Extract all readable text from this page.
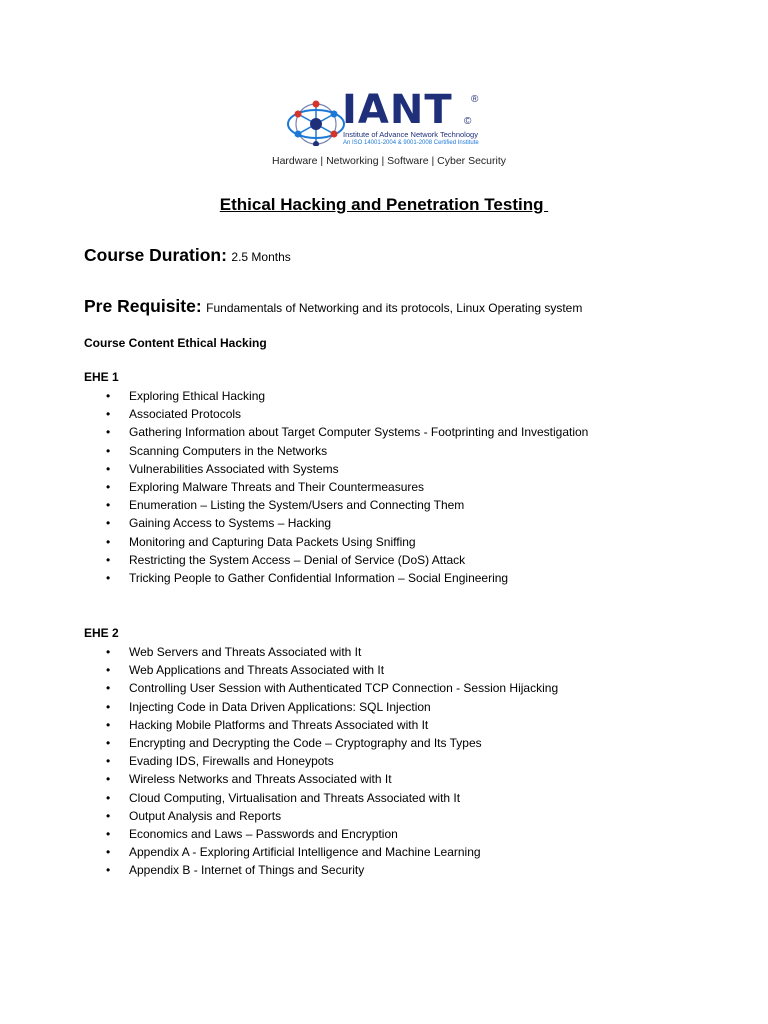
IANT ®
©
Institute of Advance Network Technology
An ISO 14001-2004 & 9001-2008 Certified Institute
Hardware | Networking | Software | Cyber Security
Ethical Hacking and Penetration Testing
Course Duration: 2.5 Months
Pre Requisite: Fundamentals of Networking and its protocols, Linux Operating system
Course Content Ethical Hacking
EHE 1
• Exploring Ethical Hacking
• Associated Protocols
• Gathering Information about Target Computer Systems - Footprinting and Investigation
• Scanning Computers in the Networks
• Vulnerabilities Associated with Systems
• Exploring Malware Threats and Their Countermeasures
• Enumeration – Listing the System/Users and Connecting Them
• Gaining Access to Systems – Hacking
• Monitoring and Capturing Data Packets Using Sniffing
• Restricting the System Access – Denial of Service (DoS) Attack
• Tricking People to Gather Confidential Information – Social Engineering
EHE 2
• Web Servers and Threats Associated with It
• Web Applications and Threats Associated with It
• Controlling User Session with Authenticated TCP Connection - Session Hijacking
• Injecting Code in Data Driven Applications: SQL Injection
• Hacking Mobile Platforms and Threats Associated with It
• Encrypting and Decrypting the Code – Cryptography and Its Types
• Evading IDS, Firewalls and Honeypots
• Wireless Networks and Threats Associated with It
• Cloud Computing, Virtualisation and Threats Associated with It
• Output Analysis and Reports
• Economics and Laws – Passwords and Encryption
• Appendix A - Exploring Artificial Intelligence and Machine Learning
• Appendix B - Internet of Things and Security
